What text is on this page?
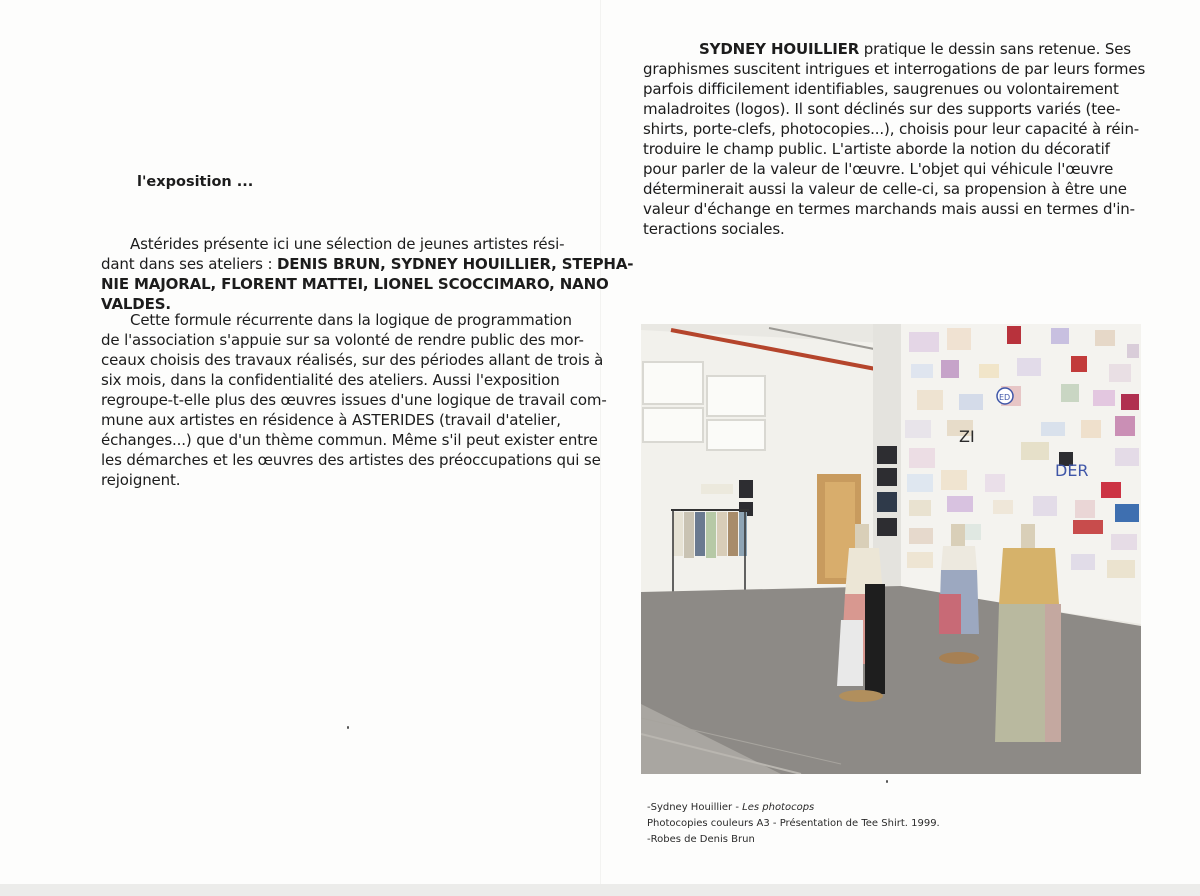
l'exposition ...
Astérides présente ici une sélection de jeunes artistes rési-
dant dans ses ateliers : DENIS BRUN, SYDNEY HOUILLIER, STEPHA-
NIE MAJORAL, FLORENT MATTEI, LIONEL SCOCCIMARO, NANO
VALDES.
Cette formule récurrente dans la logique de programmation
de l'association s'appuie sur sa volonté de rendre public des mor-
ceaux choisis des travaux réalisés, sur des périodes allant de trois à
six mois, dans la confidentialité des ateliers. Aussi l'exposition
regroupe-t-elle plus des œuvres issues d'une logique de travail com-
mune aux artistes en résidence à ASTERIDES (travail d'atelier,
échanges...) que d'un thème commun. Même s'il peut exister entre
les démarches et les œuvres des artistes des préoccupations qui se
rejoignent.
SYDNEY HOUILLIER pratique le dessin sans retenue. Ses
graphismes suscitent intrigues et interrogations de par leurs formes
parfois difficilement identifiables, saugrenues ou volontairement
maladroites (logos). Il sont déclinés sur des supports variés (tee-
shirts, porte-clefs, photocopies...), choisis pour leur capacité à réin-
troduire le champ public. L'artiste aborde la notion du décoratif
pour parler de la valeur de l'œuvre. L'objet qui véhicule l'œuvre
déterminerait aussi la valeur de celle-ci, sa propension à être une
valeur d'échange en termes marchands mais aussi en termes d'in-
teractions sociales.
DER
ZI
ED
-Sydney Houillier - Les photocops
Photocopies couleurs A3 - Présentation de Tee Shirt. 1999.
-Robes de Denis Brun
